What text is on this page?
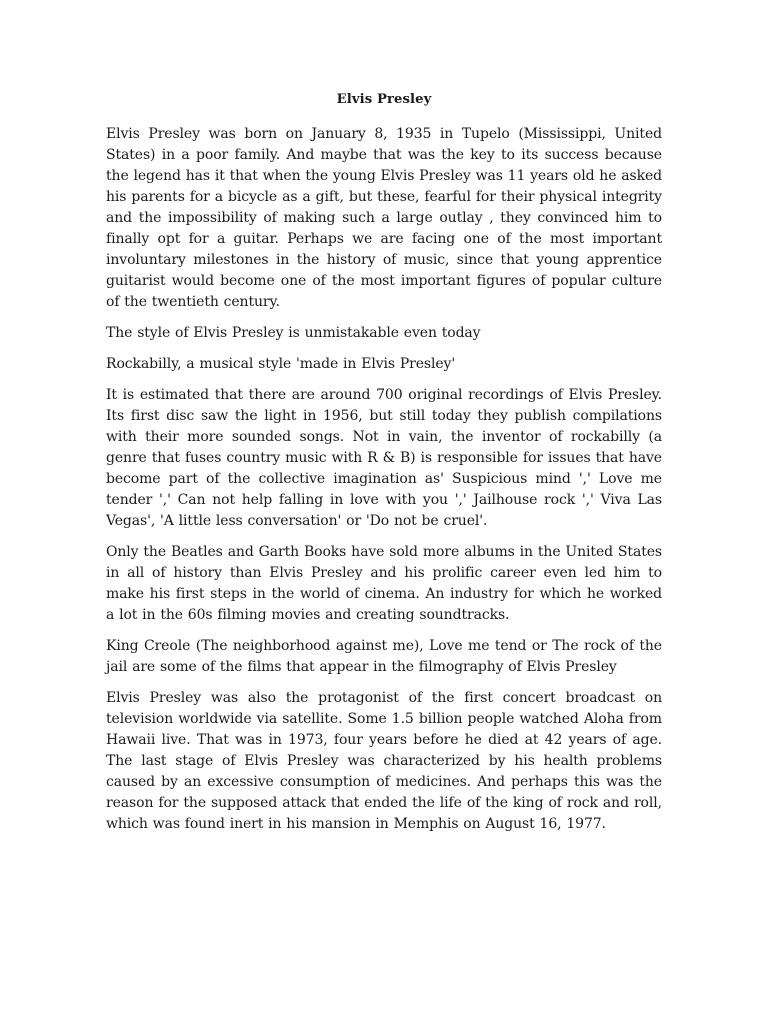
Elvis Presley

Elvis Presley was born on January 8, 1935 in Tupelo (Mississippi, United States) in a poor family. And maybe that was the key to its success because the legend has it that when the young Elvis Presley was 11 years old he asked his parents for a bicycle as a gift, but these, fearful for their physical integrity and the impossibility of making such a large outlay , they convinced him to finally opt for a guitar. Perhaps we are facing one of the most important involuntary milestones in the history of music, since that young apprentice guitarist would become one of the most important figures of popular culture of the twentieth century.

The style of Elvis Presley is unmistakable even today

Rockabilly, a musical style 'made in Elvis Presley'

It is estimated that there are around 700 original recordings of Elvis Presley. Its first disc saw the light in 1956, but still today they publish compilations with their more sounded songs. Not in vain, the inventor of rockabilly (a genre that fuses country music with R & B) is responsible for issues that have become part of the collective imagination as' Suspicious mind ',' Love me tender ',' Can not help falling in love with you ',' Jailhouse rock ',' Viva Las Vegas', 'A little less conversation' or 'Do not be cruel'.

Only the Beatles and Garth Books have sold more albums in the United States in all of history than Elvis Presley and his prolific career even led him to make his first steps in the world of cinema. An industry for which he worked a lot in the 60s filming movies and creating soundtracks.

King Creole (The neighborhood against me), Love me tend or The rock of the jail are some of the films that appear in the filmography of Elvis Presley

Elvis Presley was also the protagonist of the first concert broadcast on television worldwide via satellite. Some 1.5 billion people watched Aloha from Hawaii live. That was in 1973, four years before he died at 42 years of age. The last stage of Elvis Presley was characterized by his health problems caused by an excessive consumption of medicines. And perhaps this was the reason for the supposed attack that ended the life of the king of rock and roll, which was found inert in his mansion in Memphis on August 16, 1977.
